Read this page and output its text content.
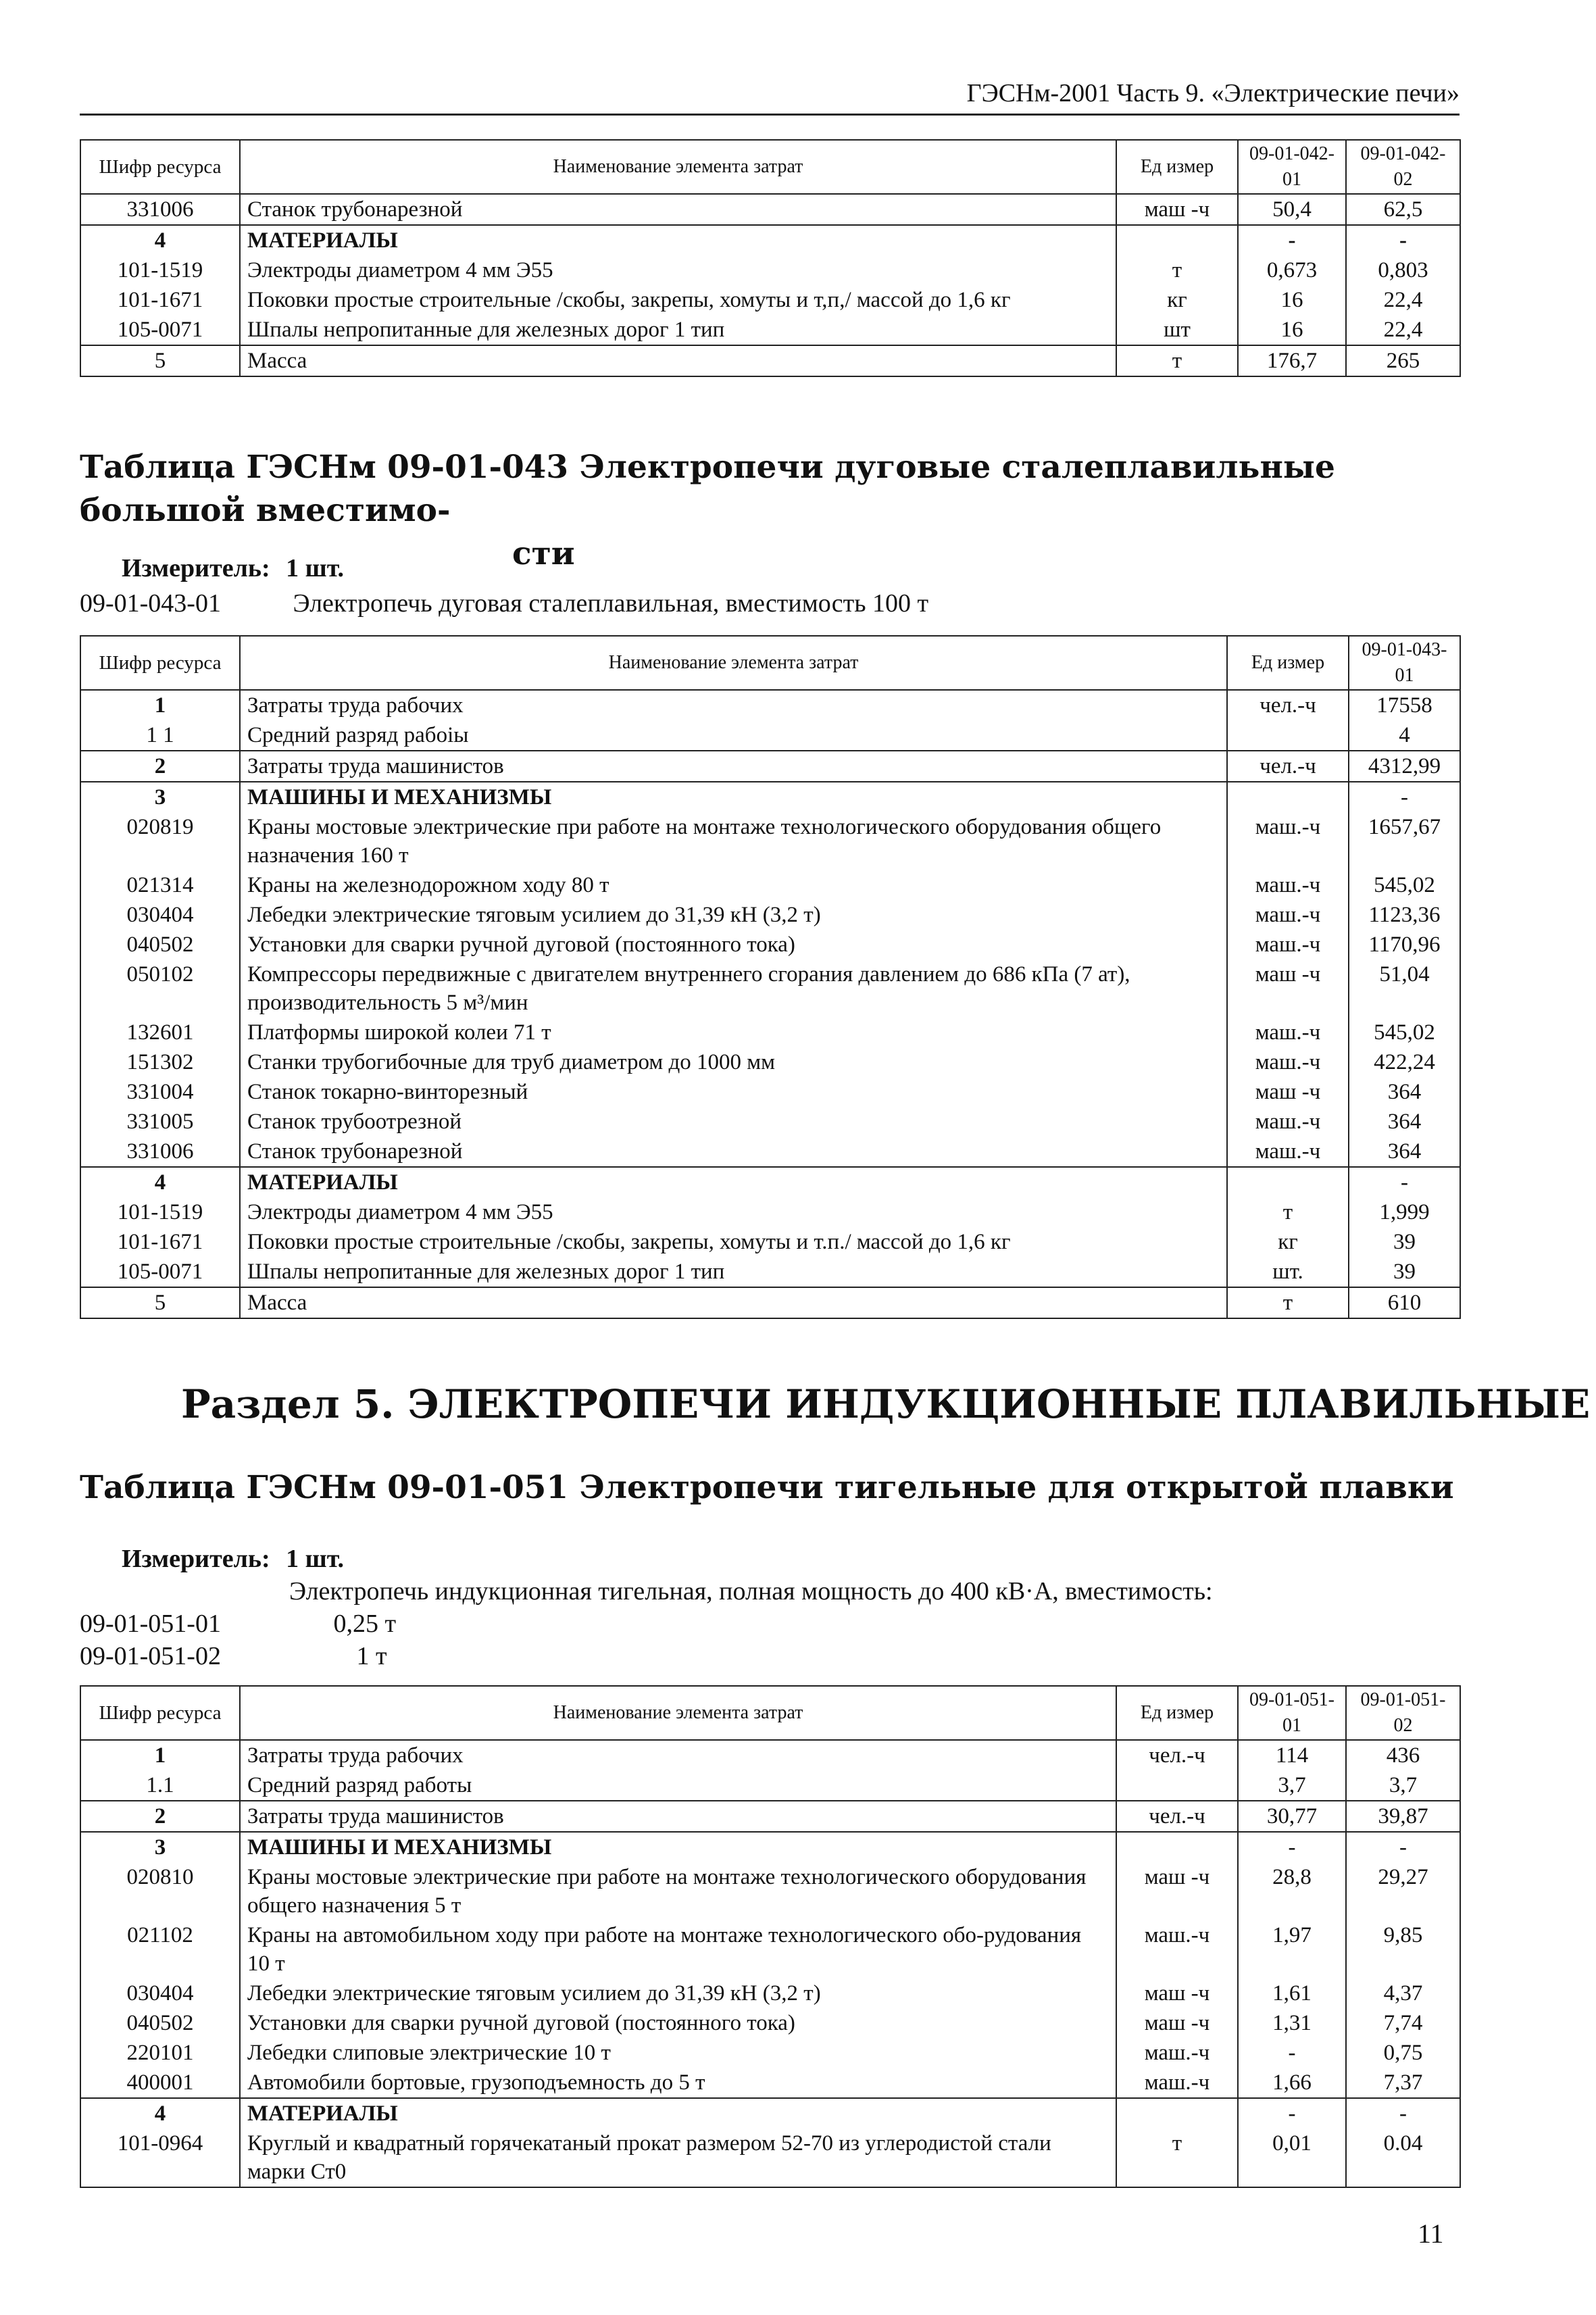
ГЭСНм-2001 Часть 9. «Электрические печи»
Шифр ресурса	Наименование элемента затрат	Ед измер	09-01-042-01	09-01-042-02
331006	Станок трубонарезной	маш -ч	50,4	62,5
4	МАТЕРИАЛЫ		-	-
101-1519	Электроды диаметром 4 мм Э55	т	0,673	0,803
101-1671	Поковки простые строительные /скобы, закрепы, хомуты и т,п,/ массой до 1,6 кг	кг	16	22,4
105-0071	Шпалы непропитанные для железных дорог 1 тип	шт	16	22,4
5	Масса	т	176,7	265
Таблица ГЭСНм 09-01-043 Электропечи дуговые сталеплавильные большой вместимо-
сти
Измеритель: 1 шт.
09-01-043-01	Электропечь дуговая сталеплавильная, вместимость 100 т
Шифр ресурса	Наименование элемента затрат	Ед измер	09-01-043-01
1	Затраты труда рабочих	чел.-ч	17558
1 1	Средний разряд рабоіы		4
2	Затраты труда машинистов	чел.-ч	4312,99
3	МАШИНЫ И МЕХАНИЗМЫ		-
020819	Краны мостовые электрические при работе на монтаже технологического оборудования общего назначения 160 т	маш.-ч	1657,67
021314	Краны на железнодорожном ходу 80 т	маш.-ч	545,02
030404	Лебедки электрические тяговым усилием до 31,39 кН (3,2 т)	маш.-ч	1123,36
040502	Установки для сварки ручной дуговой (постоянного тока)	маш.-ч	1170,96
050102	Компрессоры передвижные с двигателем внутреннего сгорания давлением до 686 кПа (7 ат), производительность 5 м³/мин	маш -ч	51,04
132601	Платформы широкой колеи 71 т	маш.-ч	545,02
151302	Станки трубогибочные для труб диаметром до 1000 мм	маш.-ч	422,24
331004	Станок токарно-винторезный	маш -ч	364
331005	Станок трубоотрезной	маш.-ч	364
331006	Станок трубонарезной	маш.-ч	364
4	МАТЕРИАЛЫ		-
101-1519	Электроды диаметром 4 мм Э55	т	1,999
101-1671	Поковки простые строительные /скобы, закрепы, хомуты и т.п./ массой до 1,6 кг	кг	39
105-0071	Шпалы непропитанные для железных дорог 1 тип	шт.	39
5	Масса	т	610
Раздел 5. ЭЛЕКТРОПЕЧИ ИНДУКЦИОННЫЕ ПЛАВИЛЬНЫЕ
Таблица ГЭСНм 09-01-051 Электропечи тигельные для открытой плавки
Измеритель: 1 шт.
Электропечь индукционная тигельная, полная мощность до 400 кВ·А, вместимость:
09-01-051-01	0,25 т
09-01-051-02	1 т
Шифр ресурса	Наименование элемента затрат	Ед измер	09-01-051-01	09-01-051-02
1	Затраты труда рабочих	чел.-ч	114	436
1.1	Средний разряд работы		3,7	3,7
2	Затраты труда машинистов	чел.-ч	30,77	39,87
3	МАШИНЫ И МЕХАНИЗМЫ		-	-
020810	Краны мостовые электрические при работе на монтаже технологического оборудования общего назначения 5 т	маш -ч	28,8	29,27
021102	Краны на автомобильном ходу при работе на монтаже технологического обо-рудования 10 т	маш.-ч	1,97	9,85
030404	Лебедки электрические тяговым усилием до 31,39 кН (3,2 т)	маш -ч	1,61	4,37
040502	Установки для сварки ручной дуговой (постоянного тока)	маш -ч	1,31	7,74
220101	Лебедки слиповые электрические 10 т	маш.-ч	-	0,75
400001	Автомобили бортовые, грузоподъемность до 5 т	маш.-ч	1,66	7,37
4	МАТЕРИАЛЫ		-	-
101-0964	Круглый и квадратный горячекатаный прокат размером 52-70 из углеродистой стали марки Ст0	т	0,01	0.04
11
